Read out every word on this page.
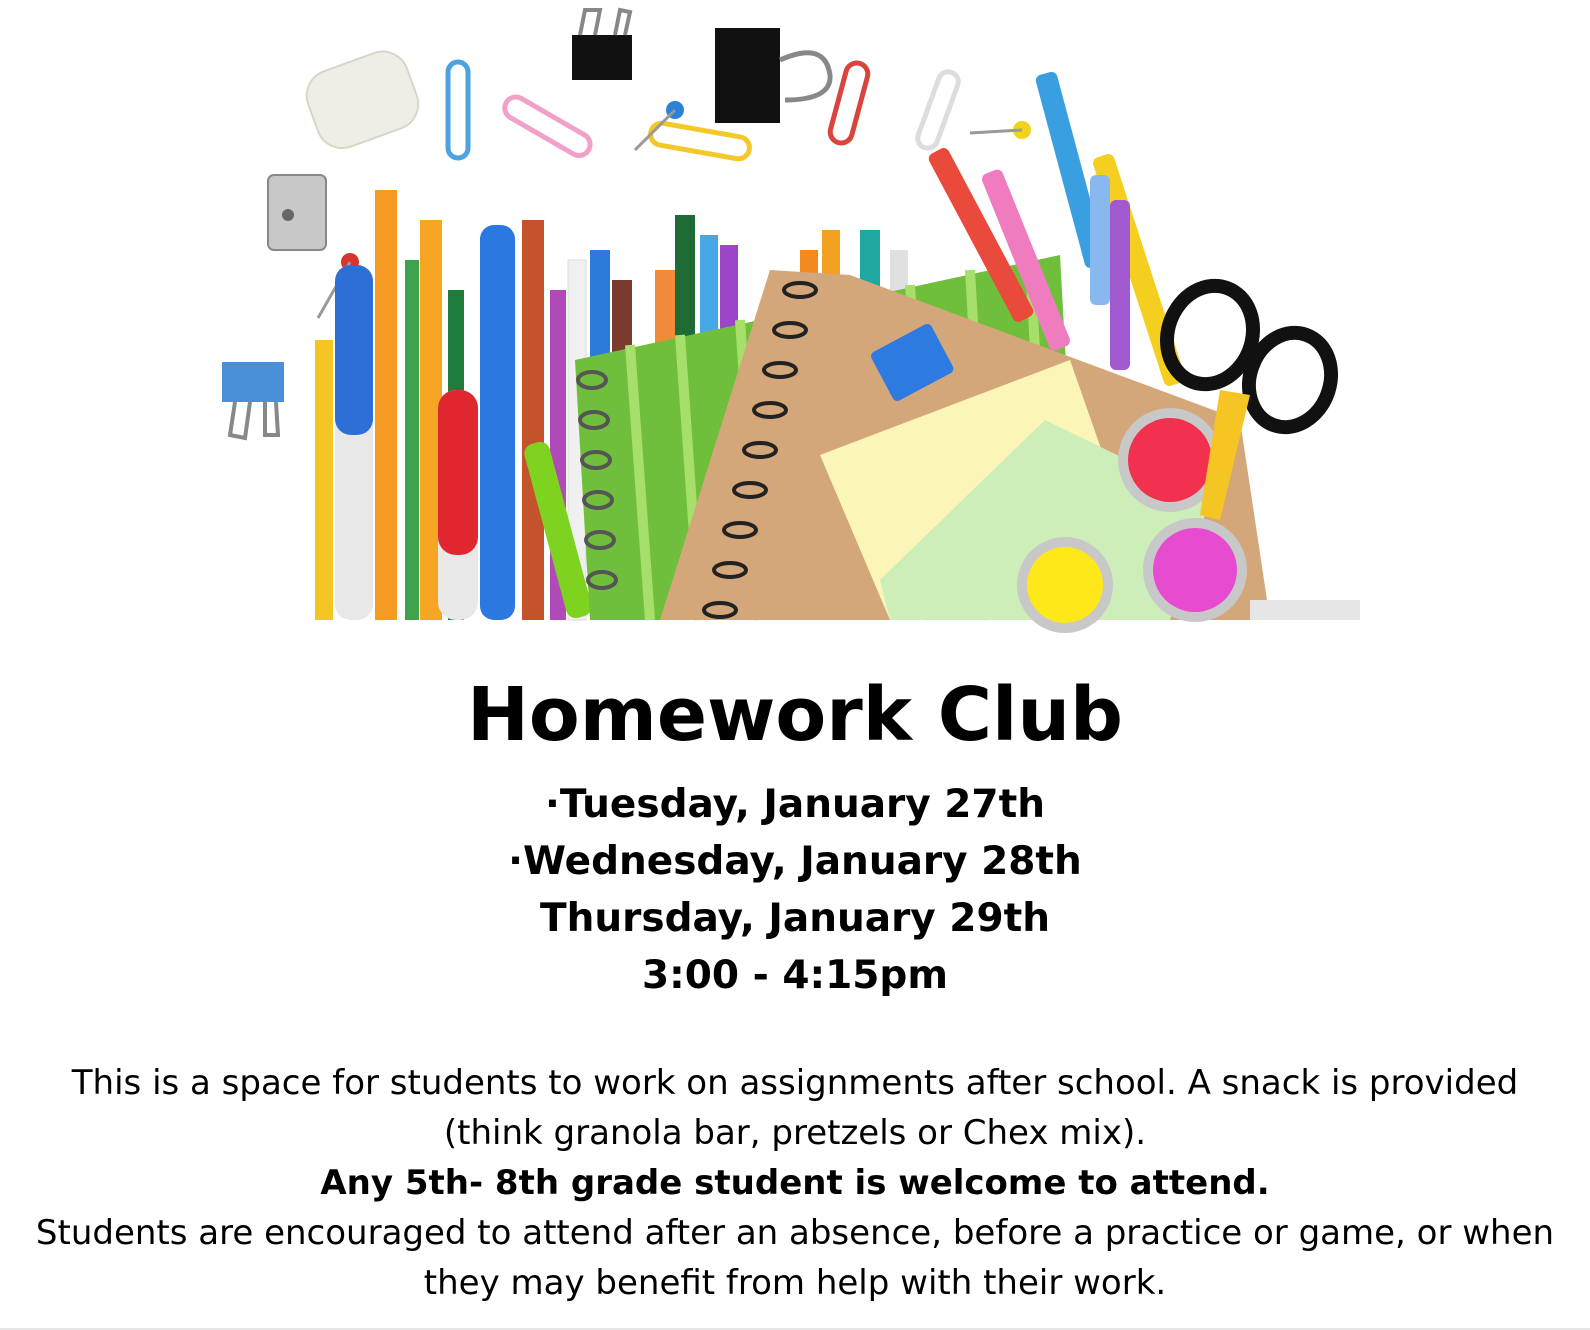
Homework Club
·Tuesday, January 27th
·Wednesday, January 28th
Thursday, January 29th
3:00 - 4:15pm
This is a space for students to work on assignments after school. A snack is provided
(think granola bar, pretzels or Chex mix).
Any 5th- 8th grade student is welcome to attend.
Students are encouraged to attend after an absence, before a practice or game, or when
they may benefit from help with their work.
